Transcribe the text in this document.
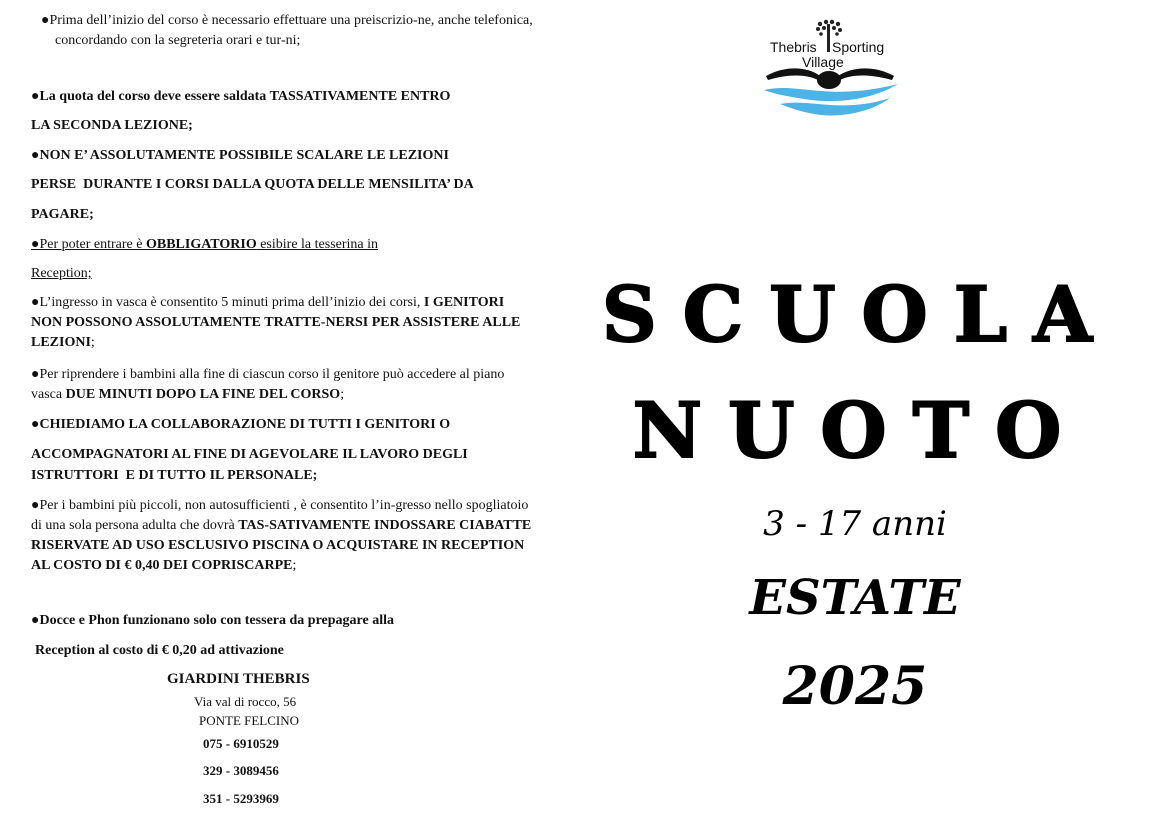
●Prima dell’inizio del corso è necessario effettuare una preiscrizio-ne, anche telefonica, concordando con la segreteria orari e tur-ni;

●La quota del corso deve essere saldata TASSATIVAMENTE ENTRO

LA SECONDA LEZIONE;

●NON E’ ASSOLUTAMENTE POSSIBILE SCALARE LE LEZIONI

PERSE  DURANTE I CORSI DALLA QUOTA DELLE MENSILITA’ DA

PAGARE;

●Per poter entrare è OBBLIGATORIO esibire la tesserina in

Reception;

●L’ingresso in vasca è consentito 5 minuti prima dell’inizio dei corsi, I GENITORI NON POSSONO ASSOLUTAMENTE TRATTE-NERSI PER ASSISTERE ALLE LEZIONI;

●Per riprendere i bambini alla fine di ciascun corso il genitore può accedere al piano vasca DUE MINUTI DOPO LA FINE DEL CORSO;

●CHIEDIAMO LA COLLABORAZIONE DI TUTTI I GENITORI O

ACCOMPAGNATORI AL FINE DI AGEVOLARE IL LAVORO DEGLI

ISTRUTTORI  E DI TUTTO IL PERSONALE;

●Per i bambini più piccoli, non autosufficienti , è consentito l’in-gresso nello spogliatoio di una sola persona adulta che dovrà TAS-SATIVAMENTE INDOSSARE CIABATTE RISERVATE AD USO ESCLUSIVO PISCINA O ACQUISTARE IN RECEPTION AL COSTO DI € 0,40 DEI COPRISCARPE;

●Docce e Phon funzionano solo con tessera da prepagare alla

Reception al costo di € 0,20 ad attivazione

GIARDINI THEBRIS
Via val di rocco, 56
PONTE FELCINO
075 - 6910529
329 - 3089456
351 - 5293969
Thebris Sporting
Village
SCUOLA
NUOTO
3 - 17 anni
ESTATE
2025
